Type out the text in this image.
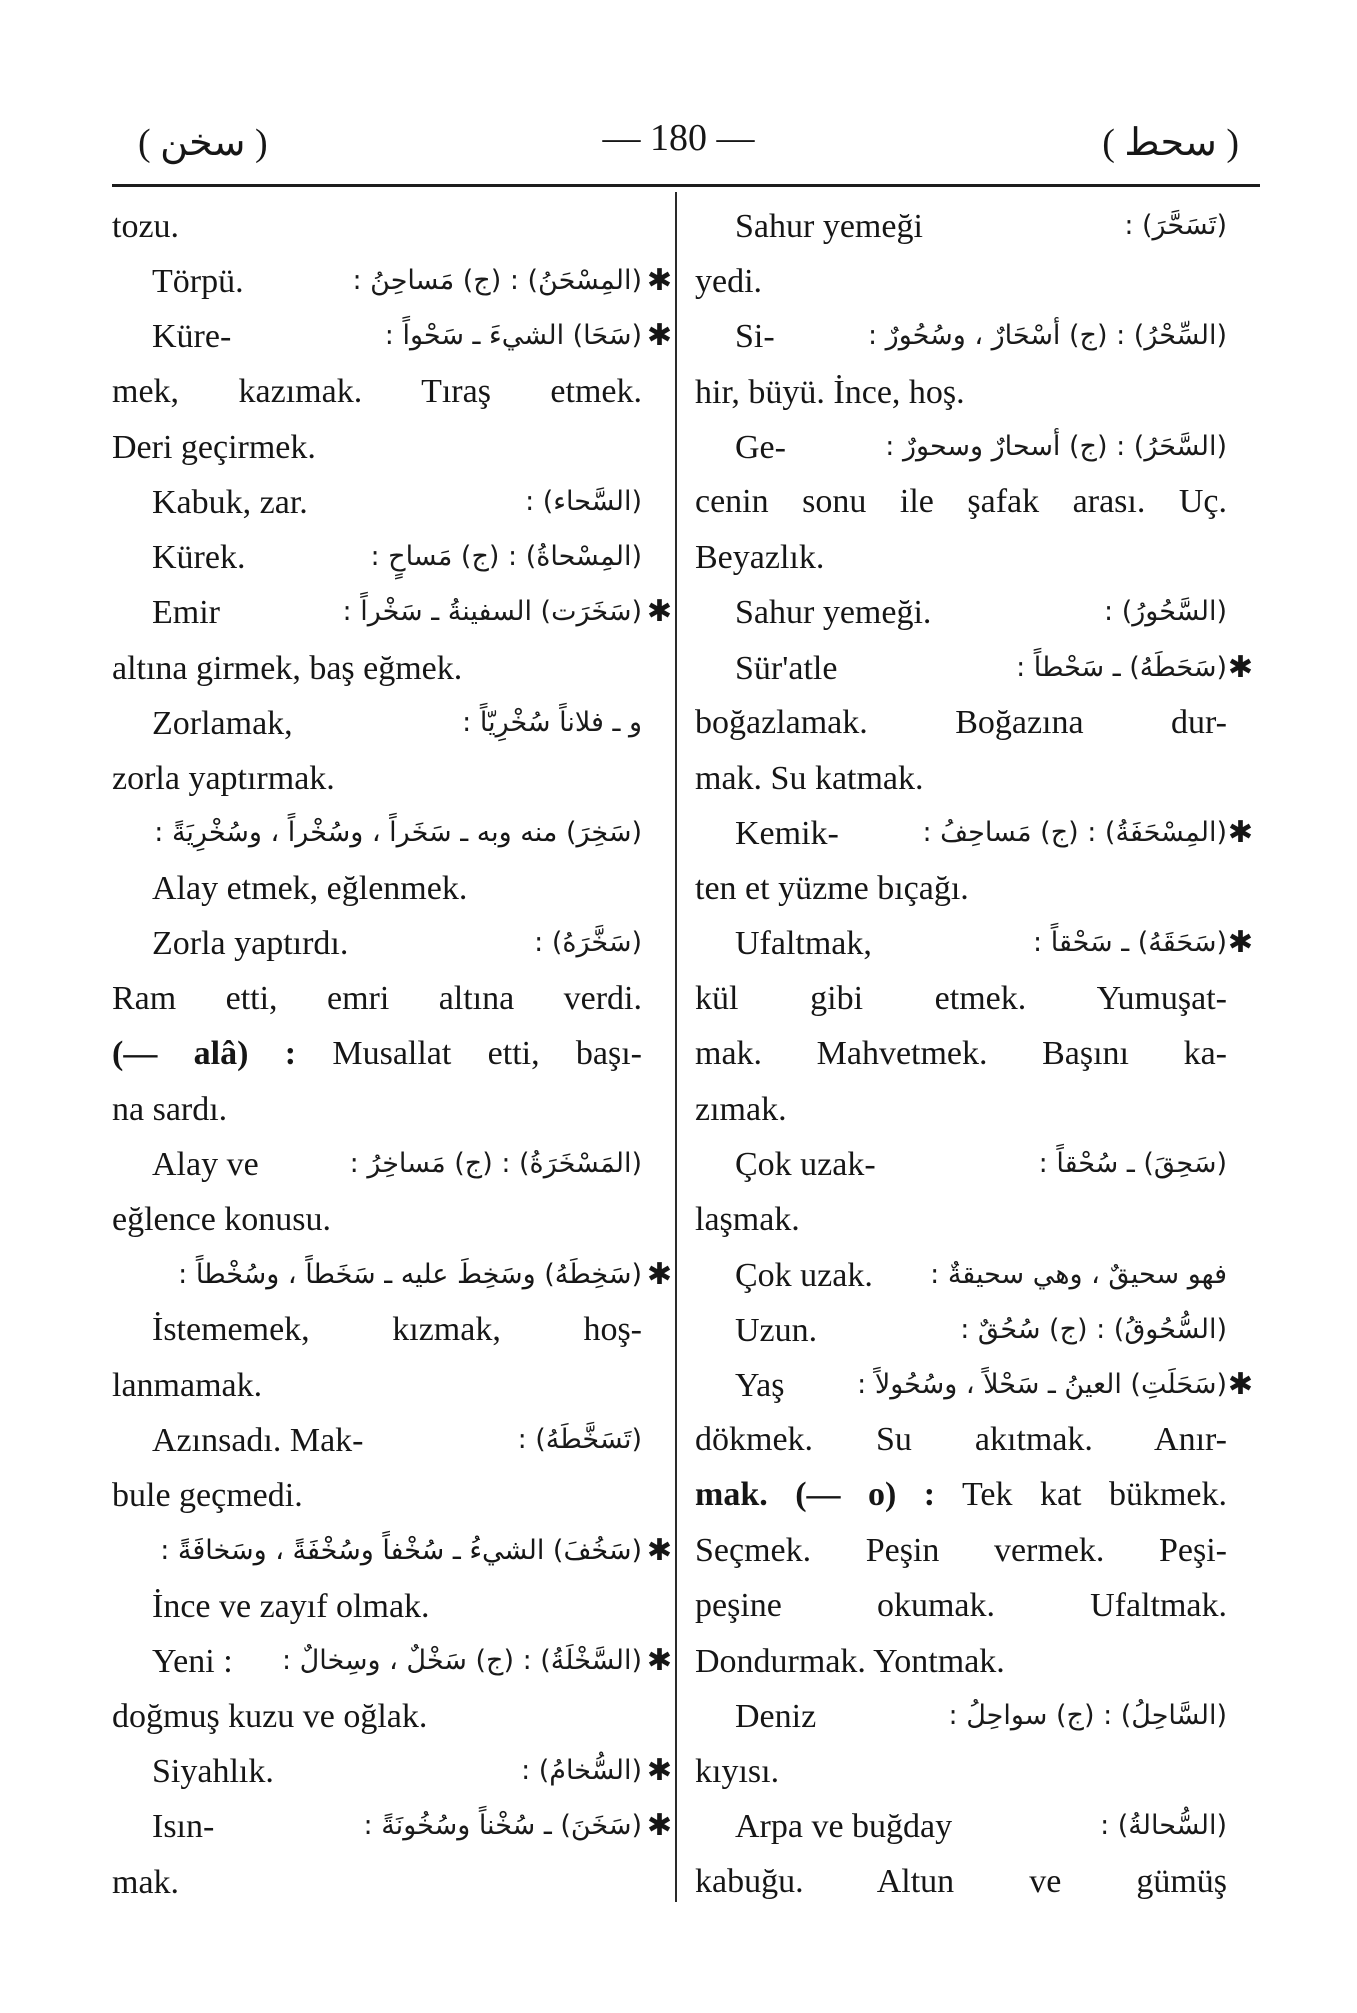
( سخن )	— 180 —	( سحط )
tozu.
Törpü.	(المِسْحَنُ) : (ج) مَساحِنُ : ✱
Küre-	(سَحَا) الشيءَ ـ سَحْواً : ✱
mek, kazımak. Tıraş etmek.
Deri geçirmek.
Kabuk, zar.	(السَّحاء) :
Kürek.	(المِسْحاةُ) : (ج) مَساحٍ :
Emir	(سَخَرَت) السفينةُ ـ سَخْراً : ✱
altına girmek, baş eğmek.
Zorlamak,	و ـ فلاناً سُخْرِيّاً :
zorla yaptırmak.
(سَخِرَ) منه وبه ـ سَخَراً ، وسُخْراً ، وسُخْرِيَةً :
Alay etmek, eğlenmek.
Zorla yaptırdı.	(سَخَّرَهُ) :
Ram etti, emri altına verdi.
(— alâ) : Musallat etti, başı-
na sardı.
Alay ve	(المَسْخَرَةُ) : (ج) مَساخِرُ :
eğlence konusu.
(سَخِطَهُ) وسَخِطَ عليه ـ سَخَطاً ، وسُخْطاً : ✱
İstememek, kızmak, hoş-
lanmamak.
Azınsadı. Mak-	(تَسَخَّطَهُ) :
bule geçmedi.
(سَخُفَ) الشيءُ ـ سُخْفاً وسُخْفَةً ، وسَخافَةً : ✱
İnce ve zayıf olmak.
Yeni : (السَّخْلَةُ) : (ج) سَخْلٌ ، وسِخالٌ : ✱
doğmuş kuzu ve oğlak.
Siyahlık.	(السُّخامُ) : ✱
Isın-	(سَخَنَ) ـ سُخْناً وسُخُونَةً : ✱
mak.
Sahur yemeği	(تَسَحَّرَ) :
yedi.
Si-	(السِّحْرُ) : (ج) أسْحَارٌ ، وسُحُورٌ :
hir, büyü. İnce, hoş.
Ge-	(السَّحَرُ) : (ج) أسحارٌ وسحورٌ :
cenin sonu ile şafak arası. Uç.
Beyazlık.
Sahur yemeği.	(السَّحُورُ) :
Sür'atle	(سَحَطَهُ) ـ سَحْطاً : ✱
boğazlamak. Boğazına dur-
mak. Su katmak.
Kemik-	(المِسْحَفَةُ) : (ج) مَساحِفُ : ✱
ten et yüzme bıçağı.
Ufaltmak,	(سَحَقَهُ) ـ سَحْقاً : ✱
kül gibi etmek. Yumuşat-
mak. Mahvetmek. Başını ka-
zımak.
Çok uzak-	(سَحِقَ) ـ سُحْقاً :
laşmak.
Çok uzak. فهو سحيقٌ ، وهي سحيقةٌ :
Uzun.	(السُّحُوقُ) : (ج) سُحُقٌ :
Yaş	(سَحَلَتِ) العينُ ـ سَحْلاً ، وسُحُولاً : ✱
dökmek. Su akıtmak. Anır-
mak. (— o) : Tek kat bükmek.
Seçmek. Peşin vermek. Peşi-
peşine okumak. Ufaltmak.
Dondurmak. Yontmak.
Deniz	(السَّاحِلُ) : (ج) سواحِلُ :
kıyısı.
Arpa ve buğday	(السُّحالةُ) :
kabuğu. Altun ve gümüş
